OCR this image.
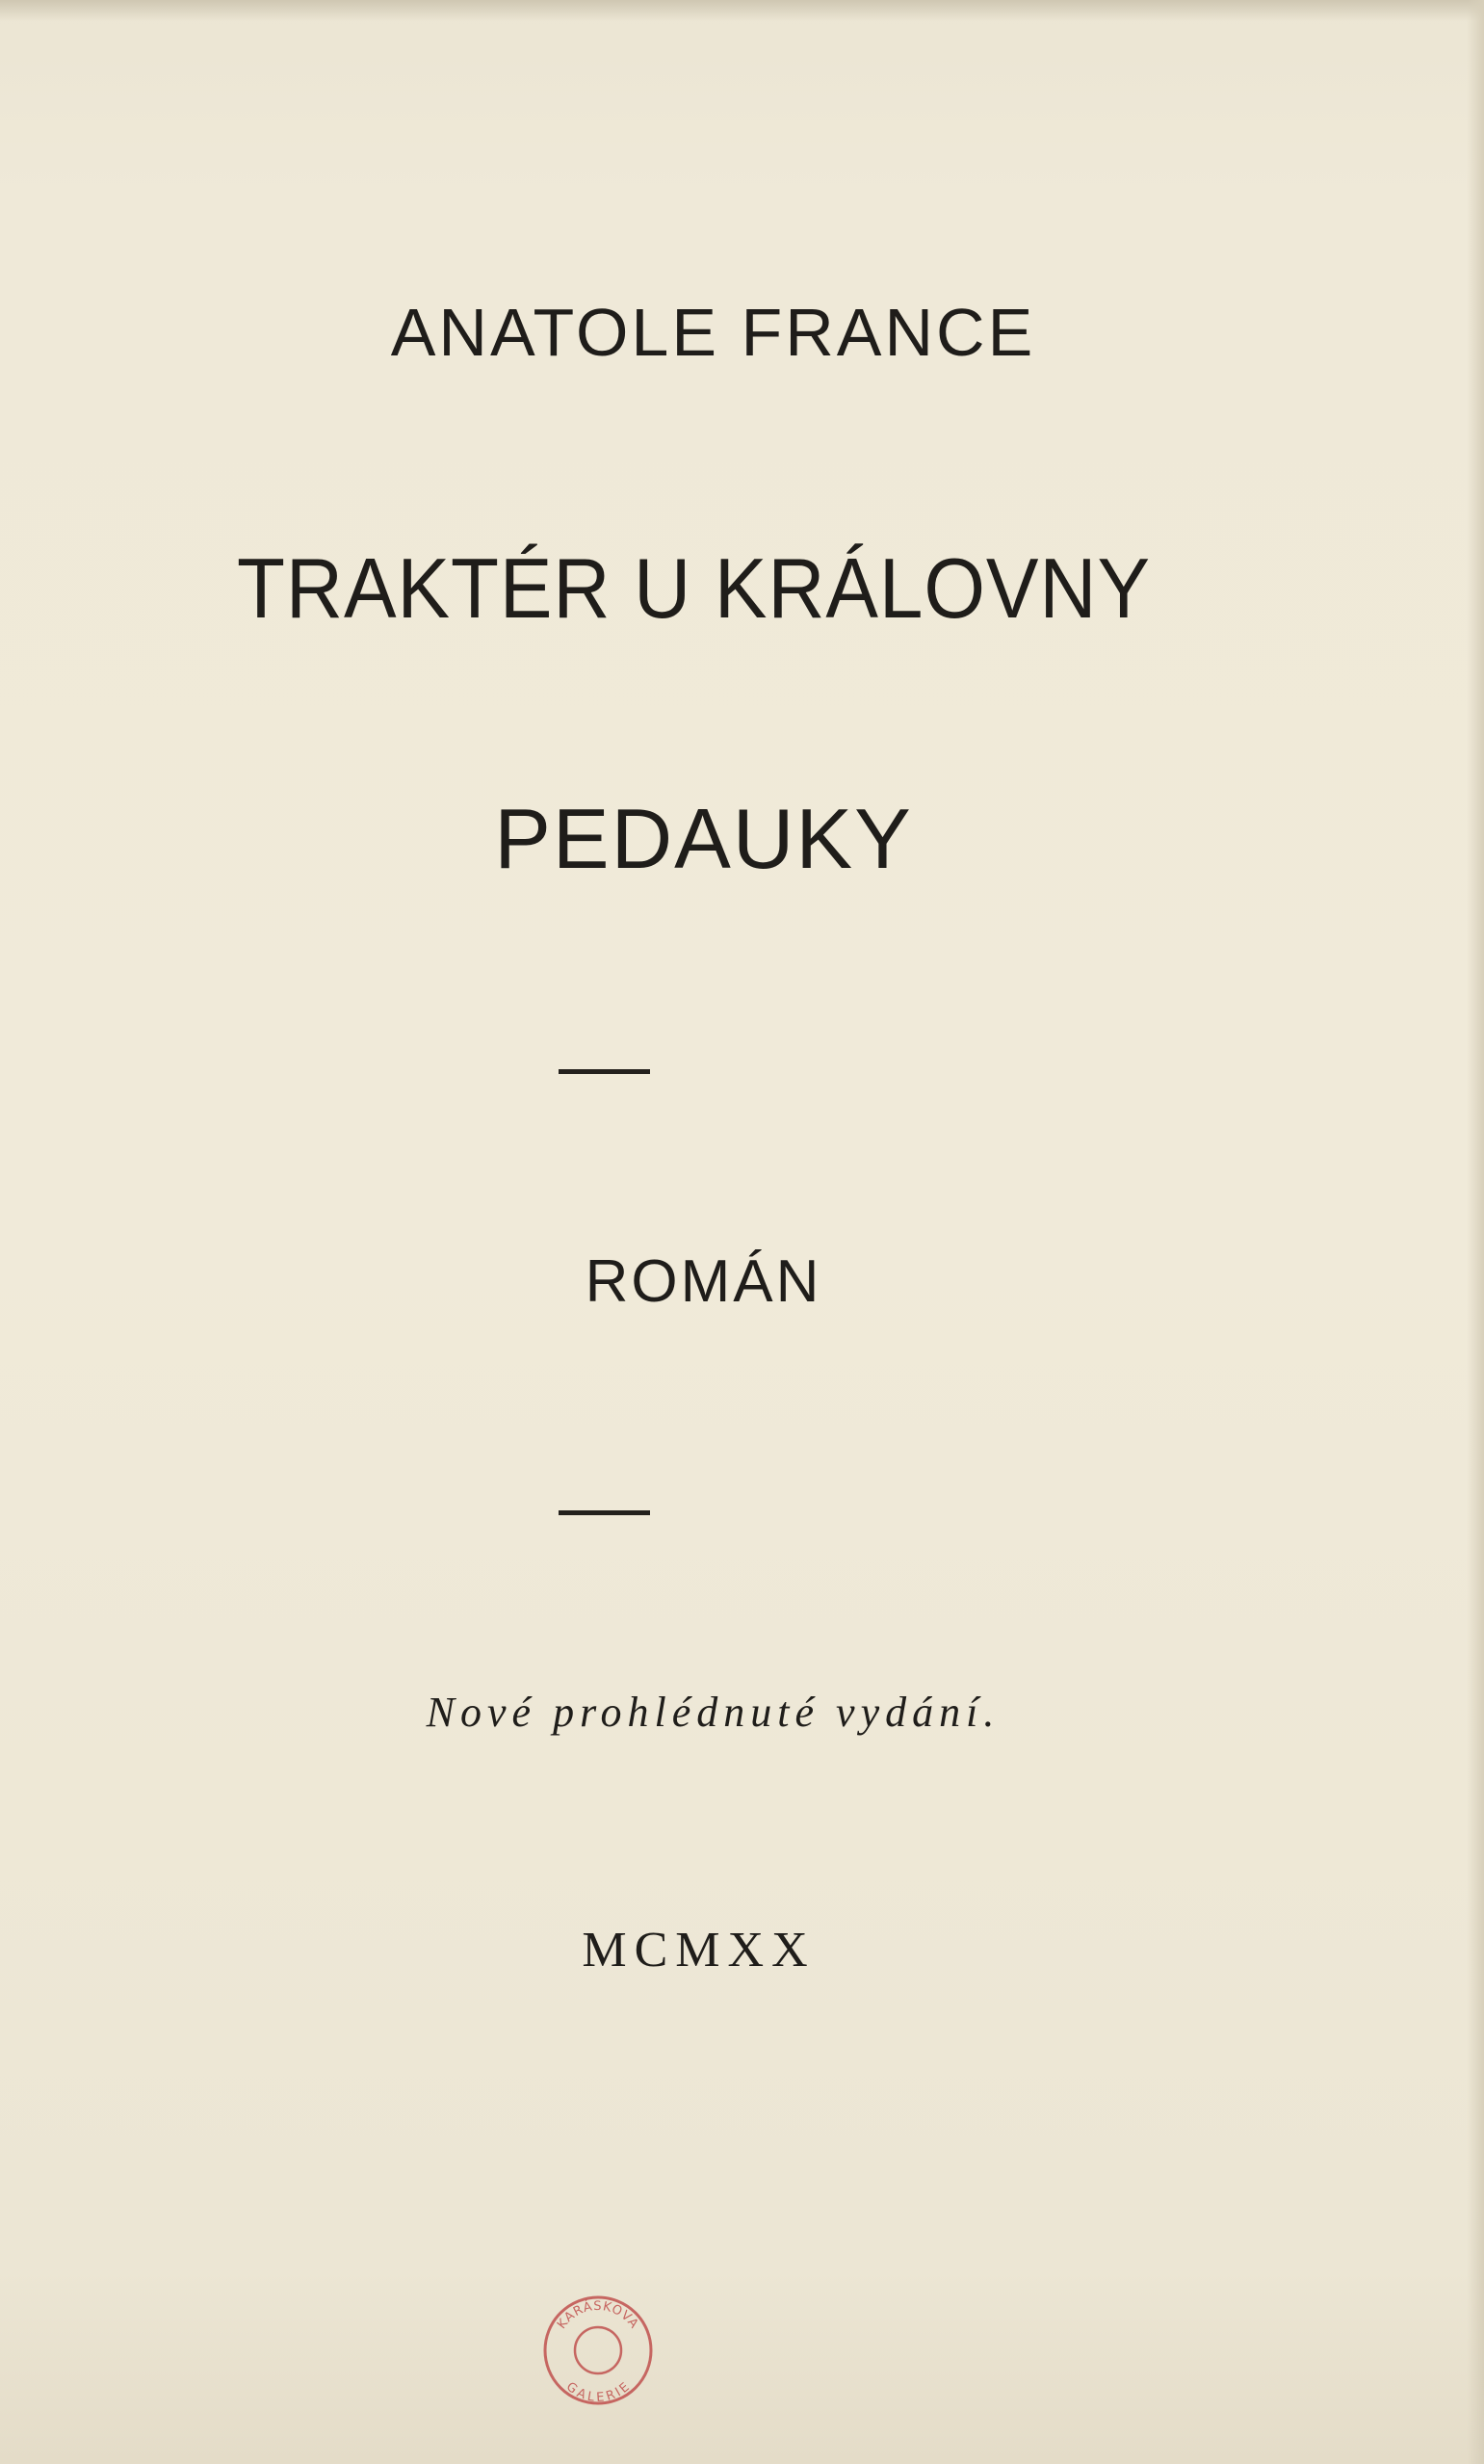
ANATOLE FRANCE
TRAKTÉR U KRÁLOVNY
PEDAUKY
ROMÁN
Nové prohlédnuté vydání.
MCMXX
KARÁSKOVA
GALERIE
